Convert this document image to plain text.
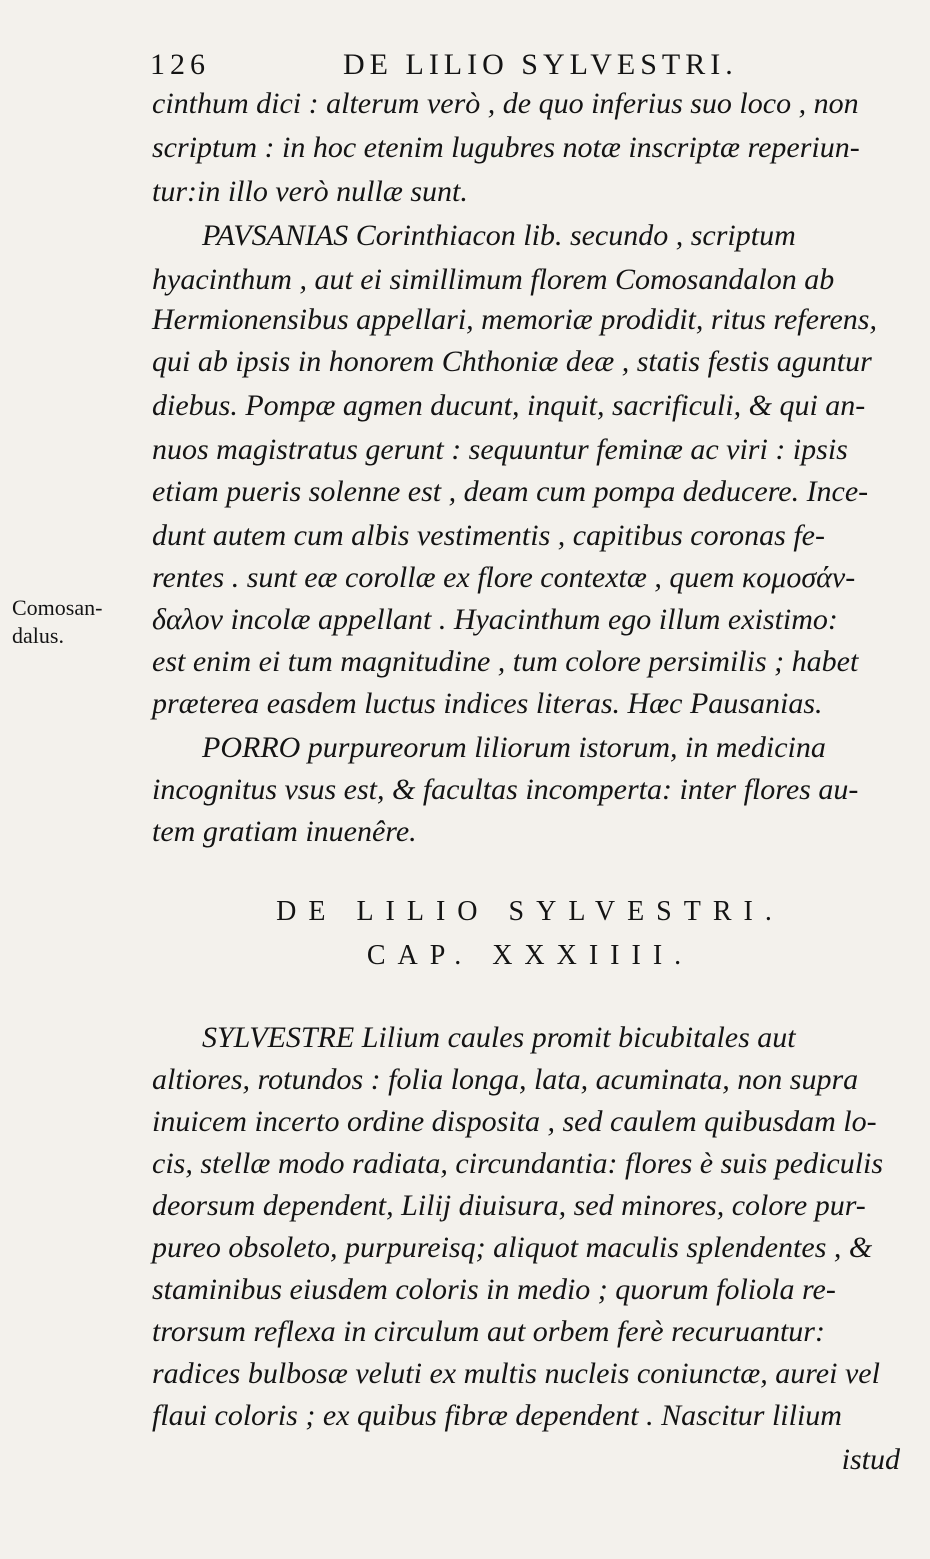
126	DE LILIO SYLVESTRI.
cinthum dici : alterum verò , de quo inferius suo loco , non
scriptum : in hoc etenim lugubres notæ inscriptæ reperiun-
tur:in illo verò nullæ sunt.
PAVSANIAS Corinthiacon lib. secundo , scriptum
hyacinthum , aut ei simillimum florem Comosandalon ab
Hermionensibus appellari, memoriæ prodidit, ritus referens,
qui ab ipsis in honorem Chthoniæ deæ , statis festis aguntur
diebus. Pompæ agmen ducunt, inquit, sacrificuli, & qui an-
nuos magistratus gerunt : sequuntur feminæ ac viri : ipsis
etiam pueris solenne est , deam cum pompa deducere. Ince-
dunt autem cum albis vestimentis , capitibus coronas fe-
rentes . sunt eæ corollæ ex flore contextæ , quem κομοσάν-
δαλον incolæ appellant . Hyacinthum ego illum existimo:
est enim ei tum magnitudine , tum colore persimilis ; habet
præterea easdem luctus indices literas. Hæc Pausanias.
PORRO purpureorum liliorum istorum, in medicina
incognitus vsus est, & facultas incomperta: inter flores au-
tem gratiam inuenêre.
Comosan-
dalus.
DE LILIO SYLVESTRI.
CAP. XXXIIII.
SYLVESTRE Lilium caules promit bicubitales aut
altiores, rotundos : folia longa, lata, acuminata, non supra
inuicem incerto ordine disposita , sed caulem quibusdam lo-
cis, stellæ modo radiata, circundantia: flores è suis pediculis
deorsum dependent, Lilij diuisura, sed minores, colore pur-
pureo obsoleto, purpureisq; aliquot maculis splendentes , &
staminibus eiusdem coloris in medio ; quorum foliola re-
trorsum reflexa in circulum aut orbem ferè recuruantur:
radices bulbosæ veluti ex multis nucleis coniunctæ, aurei vel
flaui coloris ; ex quibus fibræ dependent . Nascitur lilium
istud
